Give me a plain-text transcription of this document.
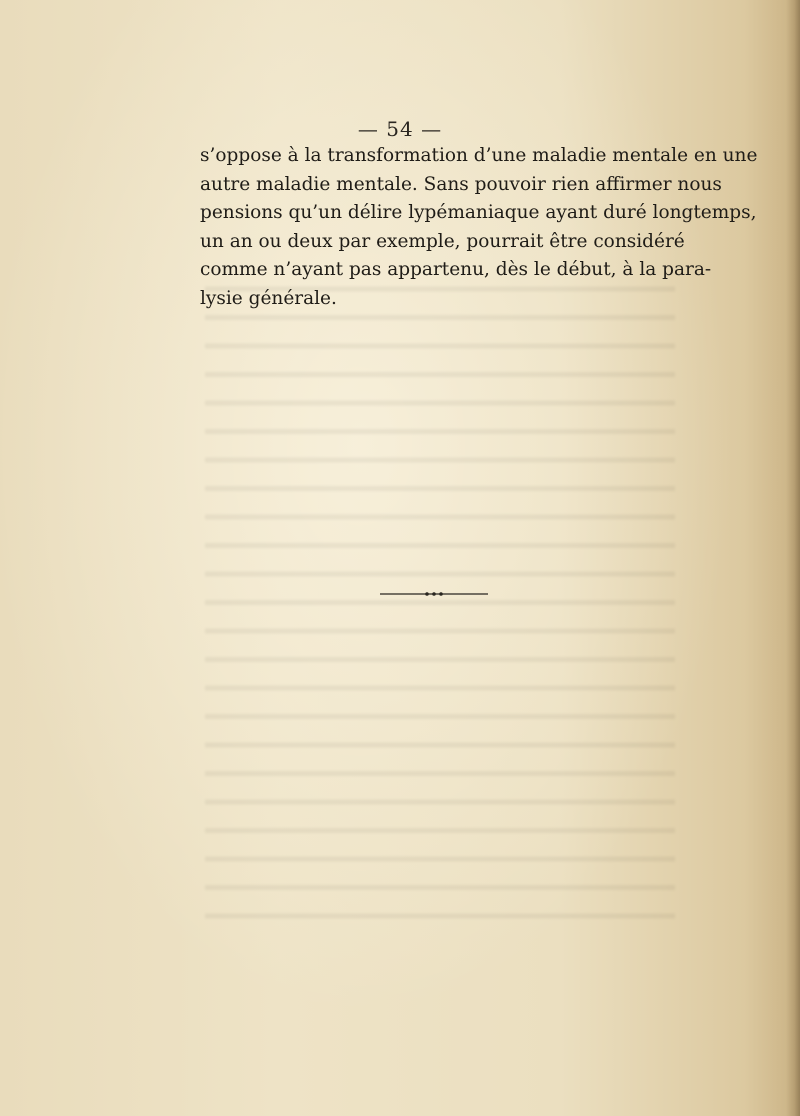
— 54 —
s’oppose à la transformation d’une maladie mentale en une
autre maladie mentale. Sans pouvoir rien affirmer nous
pensions qu’un délire lypémaniaque ayant duré longtemps,
un an ou deux par exemple, pourrait être considéré
comme n’ayant pas appartenu, dès le début, à la para-
lysie générale.
